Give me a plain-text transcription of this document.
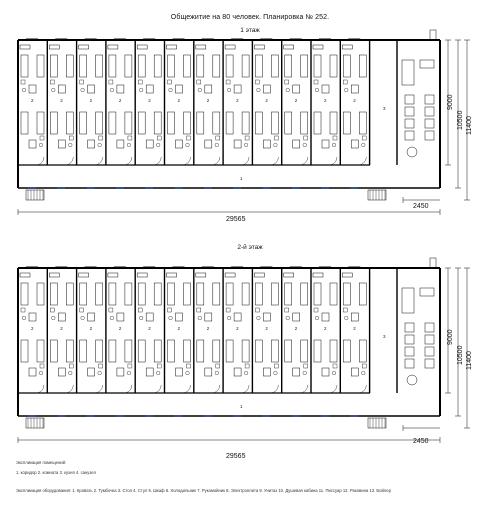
Общежитие на 80 человек. Планировка № 252.
1 этаж
2-й этаж
2	2	2	2	2	2	2	2	2	2	2	2
3
1
2	2	2	2	2	2	2	2	2	2	2	2
3
1
29565
2450
29565
2450
9000
10500 11400
9000
10500 11400
Экспликация помещений:
1. коридор 2. комната 3. кухня 4. санузел
Экспликация оборудования: 1. Кровать 2. Тумбочка 3. Стол 4. Стул 5. Шкаф 6. Холодильник 7. Рукомойник 8. Электроплита 9. Унитаз 10. Душевая кабина 11. Писсуар 12. Раковина 13. Бойлер
